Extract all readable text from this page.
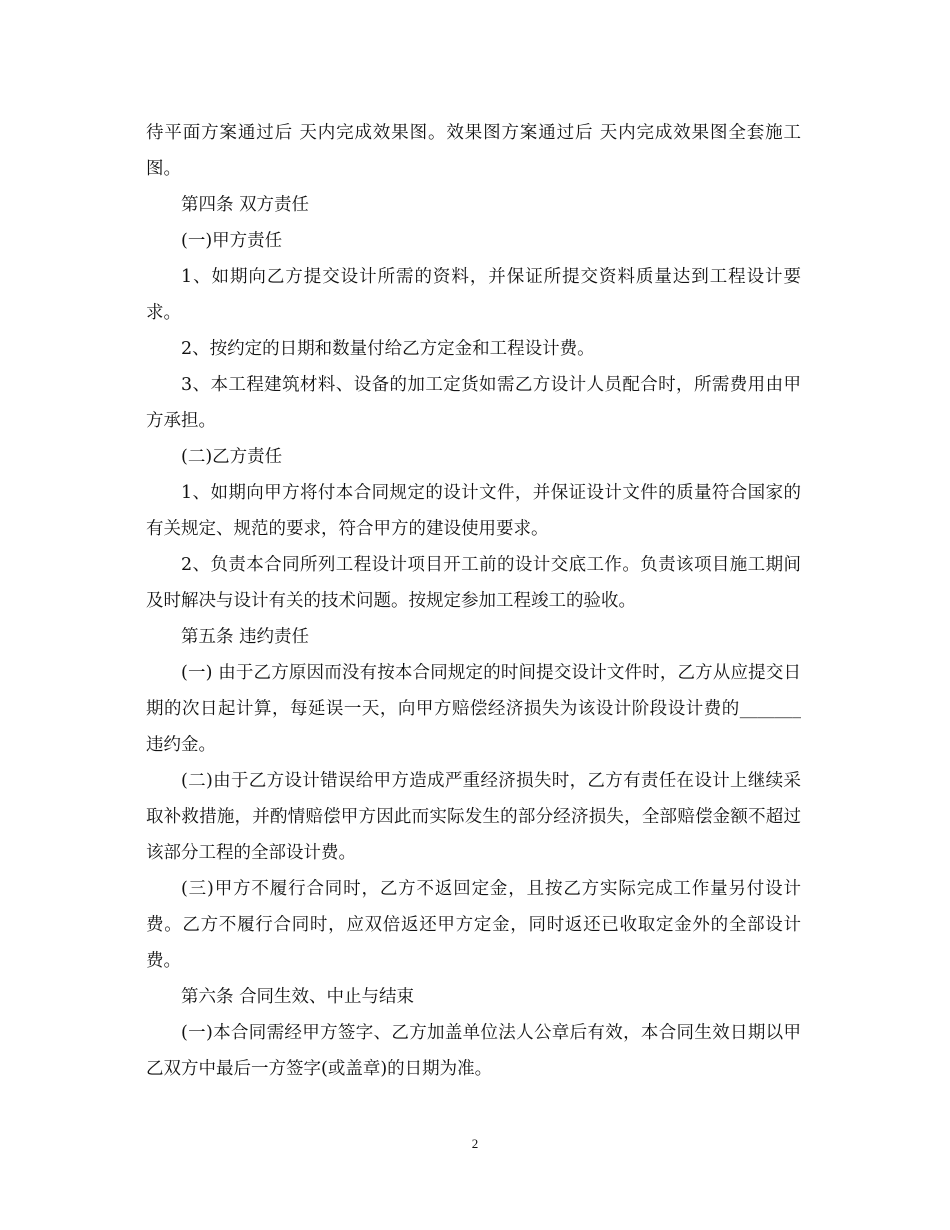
待平面方案通过后 天内完成效果图。效果图方案通过后 天内完成效果图全套施工图。

第四条 双方责任

(一)甲方责任

1、如期向乙方提交设计所需的资料，并保证所提交资料质量达到工程设计要求。

2、按约定的日期和数量付给乙方定金和工程设计费。

3、本工程建筑材料、设备的加工定货如需乙方设计人员配合时，所需费用由甲方承担。

(二)乙方责任

1、如期向甲方将付本合同规定的设计文件，并保证设计文件的质量符合国家的有关规定、规范的要求，符合甲方的建设使用要求。

2、负责本合同所列工程设计项目开工前的设计交底工作。负责该项目施工期间及时解决与设计有关的技术问题。按规定参加工程竣工的验收。

第五条 违约责任

(一) 由于乙方原因而没有按本合同规定的时间提交设计文件时，乙方从应提交日期的次日起计算，每延误一天，向甲方赔偿经济损失为该设计阶段设计费的_______违约金。

(二)由于乙方设计错误给甲方造成严重经济损失时，乙方有责任在设计上继续采取补救措施，并酌情赔偿甲方因此而实际发生的部分经济损失，全部赔偿金额不超过该部分工程的全部设计费。

(三)甲方不履行合同时，乙方不返回定金，且按乙方实际完成工作量另付设计费。乙方不履行合同时，应双倍返还甲方定金，同时返还已收取定金外的全部设计费。

第六条 合同生效、中止与结束

(一)本合同需经甲方签字、乙方加盖单位法人公章后有效，本合同生效日期以甲乙双方中最后一方签字(或盖章)的日期为准。

2
